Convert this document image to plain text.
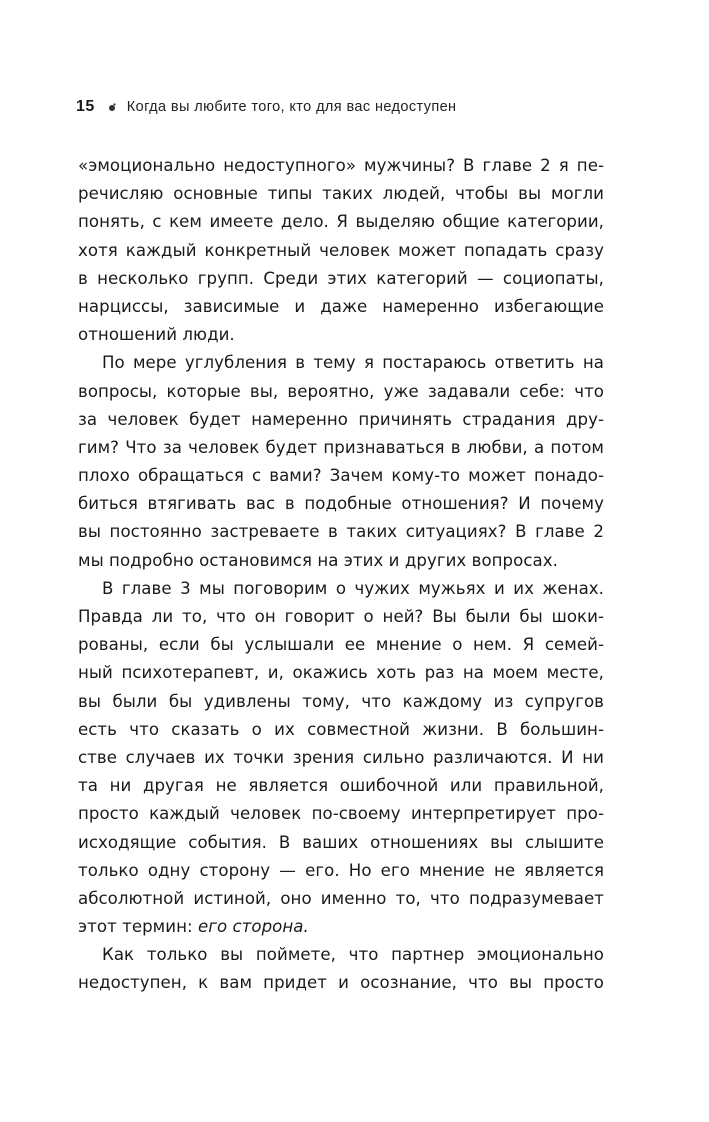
15 Когда вы любите того, кто для вас недоступен
«эмоционально недоступного» мужчины? В главе 2 я пе-
речисляю основные типы таких людей, чтобы вы могли
понять, с кем имеете дело. Я выделяю общие категории,
хотя каждый конкретный человек может попадать сразу
в несколько групп. Среди этих категорий — социопаты,
нарциссы, зависимые и даже намеренно избегающие
отношений люди.
По мере углубления в тему я постараюсь ответить на
вопросы, которые вы, вероятно, уже задавали себе: что
за человек будет намеренно причинять страдания дру-
гим? Что за человек будет признаваться в любви, а потом
плохо обращаться с вами? Зачем кому-то может понадо-
биться втягивать вас в подобные отношения? И почему
вы постоянно застреваете в таких ситуациях? В главе 2
мы подробно остановимся на этих и других вопросах.
В главе 3 мы поговорим о чужих мужьях и их женах.
Правда ли то, что он говорит о ней? Вы были бы шоки-
рованы, если бы услышали ее мнение о нем. Я семей-
ный психотерапевт, и, окажись хоть раз на моем месте,
вы были бы удивлены тому, что каждому из супругов
есть что сказать о их совместной жизни. В большин-
стве случаев их точки зрения сильно различаются. И ни
та ни другая не является ошибочной или правильной,
просто каждый человек по-своему интерпретирует про-
исходящие события. В ваших отношениях вы слышите
только одну сторону — его. Но его мнение не является
абсолютной истиной, оно именно то, что подразумевает
этот термин: его сторона.
Как только вы поймете, что партнер эмоционально
недоступен, к вам придет и осознание, что вы просто
